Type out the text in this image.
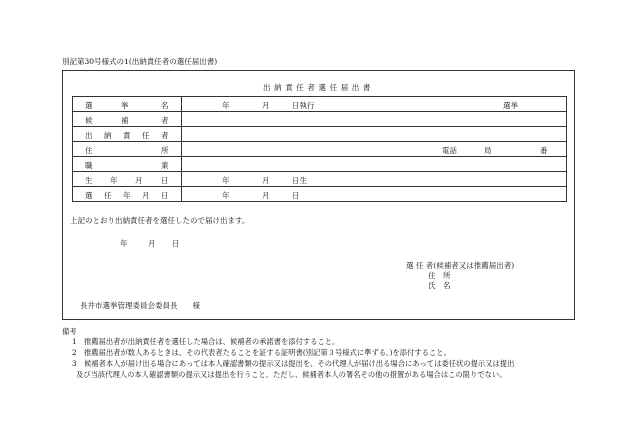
別記第30号様式の1(出納責任者の選任届出書)
出納責任者選任届出書
選 挙 名	年 月 日執行 選挙

候 補 者	

出 納 責 任 者	

住 所	電話 局 番

職 業	

生 年 月 日	年 月 日生

選 任 年 月 日	年 月 日
上記のとおり出納責任者を選任したので届け出ます。
年	月 日
選 任 者(候補者又は推薦届出者)
住　所
氏　名
長井市選挙管理委員会委員長　　様
備考
1 推薦届出者が出納責任者を選任した場合は、候補者の承諾書を添付すること。
2 推薦届出者が数人あるときは、その代表者たることを証する証明書(別記第３号様式に準ずる。)を添付すること。
3 候補者本人が届け出る場合にあっては本人確認書類の提示又は提出を、その代理人が届け出る場合にあっては委任状の提示又は提出
及び当該代理人の本人確認書類の提示又は提出を行うこと。ただし、候補者本人の署名その他の措置がある場合はこの限りでない。
